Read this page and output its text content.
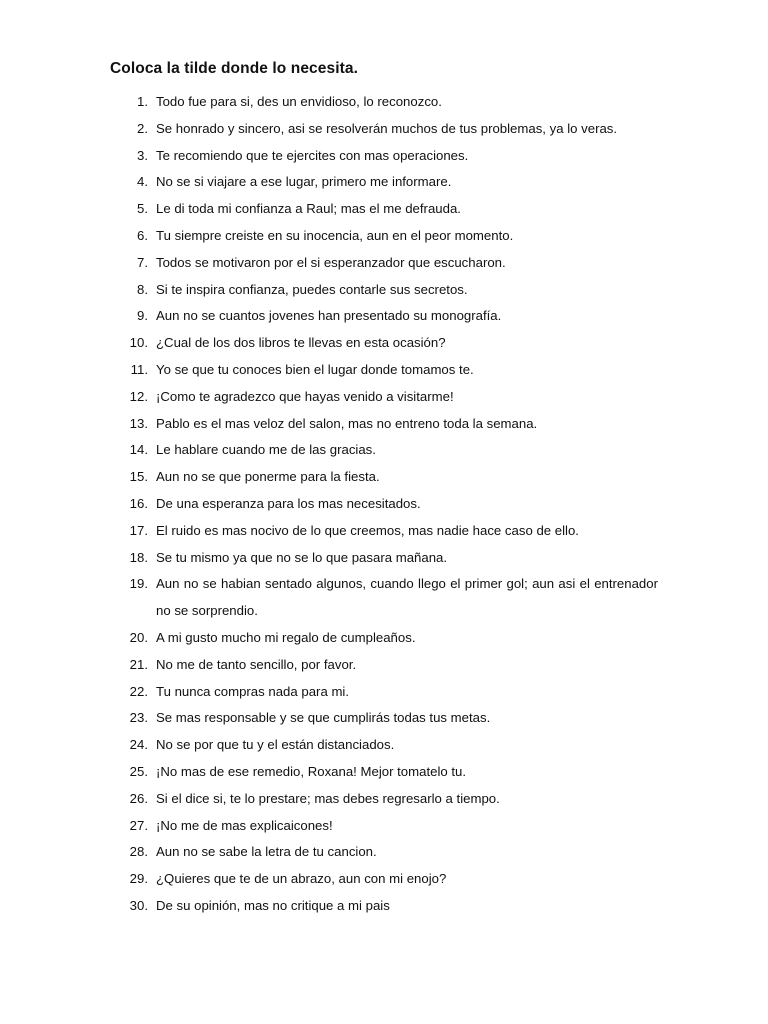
Coloca la tilde donde lo necesita.
1. Todo fue para si, des un envidioso, lo reconozco.
2. Se honrado y sincero, asi se resolverán muchos de tus problemas, ya lo veras.
3. Te recomiendo que te ejercites con mas operaciones.
4. No se si viajare a ese lugar, primero me informare.
5. Le di toda mi confianza a Raul; mas el me defrauda.
6. Tu siempre creiste en su inocencia, aun en el peor momento.
7. Todos se motivaron por el si esperanzador que escucharon.
8. Si te inspira confianza, puedes contarle sus secretos.
9. Aun no se cuantos jovenes han presentado su monografía.
10. ¿Cual de los dos libros te llevas en esta ocasión?
11. Yo se que tu conoces bien el lugar donde tomamos te.
12. ¡Como te agradezco que hayas venido a visitarme!
13. Pablo es el mas veloz del salon, mas no entreno toda la semana.
14. Le hablare cuando me de las gracias.
15. Aun no se que ponerme para la fiesta.
16. De una esperanza para los mas necesitados.
17. El ruido es mas nocivo de lo que creemos, mas nadie hace caso de ello.
18. Se tu mismo ya que no se lo que pasara mañana.
19. Aun no se habian sentado algunos, cuando llego el primer gol; aun asi el entrenador no se sorprendio.
20. A mi gusto mucho mi regalo de cumpleaños.
21. No me de tanto sencillo, por favor.
22. Tu nunca compras nada para mi.
23. Se mas responsable y se que cumplirás todas tus metas.
24. No se por que tu y el están distanciados.
25. ¡No mas de ese remedio, Roxana! Mejor tomatelo tu.
26. Si el dice si, te lo prestare; mas debes regresarlo a tiempo.
27. ¡No me de mas explicaicones!
28. Aun no se sabe la letra de tu cancion.
29. ¿Quieres que te de un abrazo, aun con mi enojo?
30. De su opinión, mas no critique a mi pais
